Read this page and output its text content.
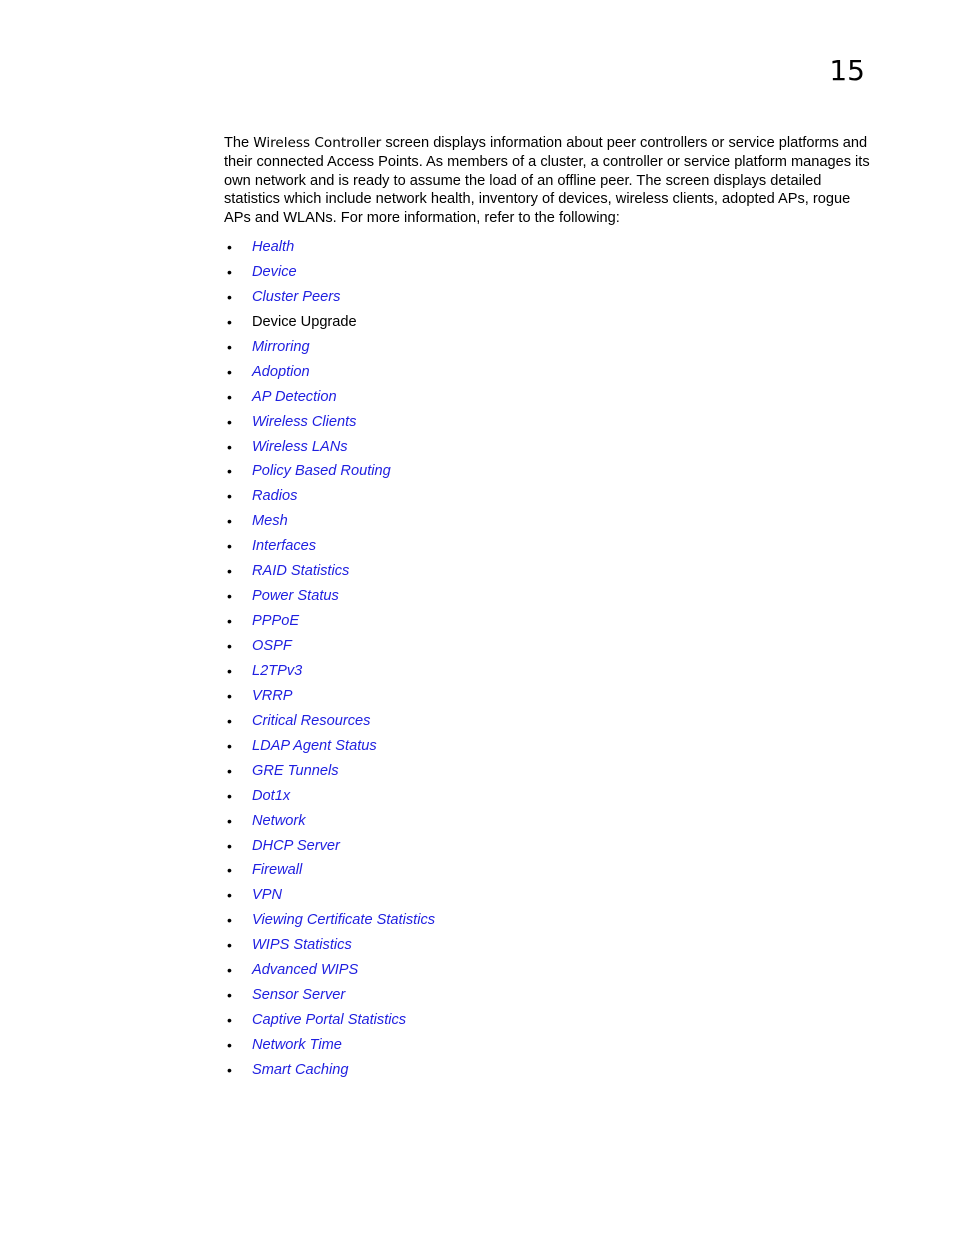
15

The Wireless Controller screen displays information about peer controllers or service platforms and their connected Access Points. As members of a cluster, a controller or service platform manages its own network and is ready to assume the load of an offline peer. The screen displays detailed statistics which include network health, inventory of devices, wireless clients, adopted APs, rogue APs and WLANs. For more information, refer to the following:

• Health
• Device
• Cluster Peers
• Device Upgrade
• Mirroring
• Adoption
• AP Detection
• Wireless Clients
• Wireless LANs
• Policy Based Routing
• Radios
• Mesh
• Interfaces
• RAID Statistics
• Power Status
• PPPoE
• OSPF
• L2TPv3
• VRRP
• Critical Resources
• LDAP Agent Status
• GRE Tunnels
• Dot1x
• Network
• DHCP Server
• Firewall
• VPN
• Viewing Certificate Statistics
• WIPS Statistics
• Advanced WIPS
• Sensor Server
• Captive Portal Statistics
• Network Time
• Smart Caching
